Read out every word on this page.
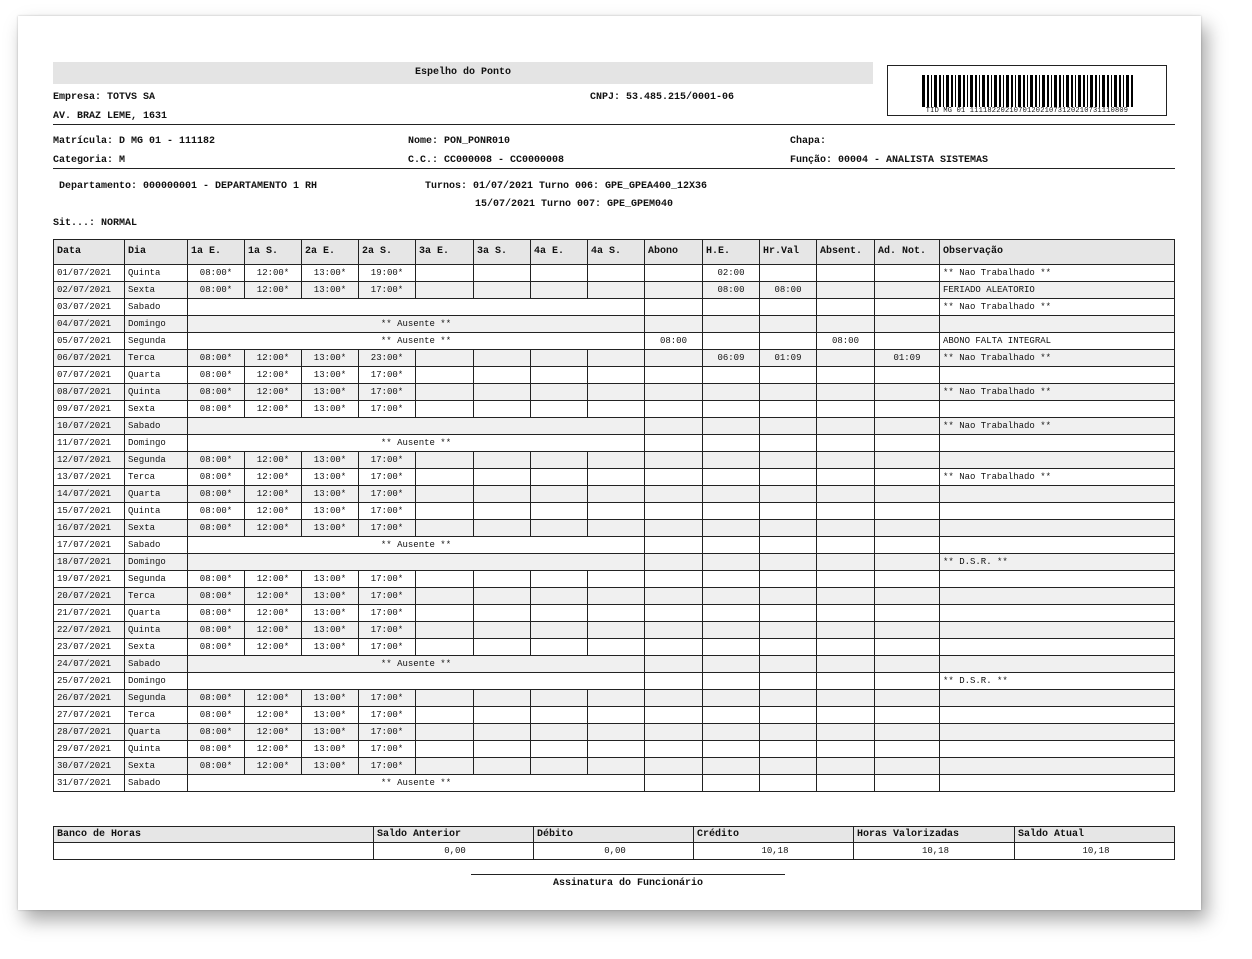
Espelho do Ponto
TID MG 01 11118220210701202107312021073111080​9
Empresa: TOTVS SA	CNPJ: 53.485.215/0001-06
AV. BRAZ LEME, 1631
Matrícula: D MG 01 - 111182	Nome: PON_PONR010	Chapa:
Categoria: M	C.C.: CC000008 - CC0000008	Função: 00004 - ANALISTA SISTEMAS
Departamento: 000000001 - DEPARTAMENTO 1 RH	Turnos: 01/07/2021 Turno 006: GPE_GPEA400_12X36
15/07/2021 Turno 007: GPE_GPEM040
Sit...: NORMAL
Data	Dia	1a E.	1a S.	2a E.	2a S.	3a E.	3a S.	4a E.	4a S.	Abono	H.E.	Hr.Val	Absent.	Ad. Not.	Observação
01/07/2021	Quinta	08:00*	12:00*	13:00*	19:00*						02:00				** Nao Trabalhado **
02/07/2021	Sexta	08:00*	12:00*	13:00*	17:00*						08:00	08:00			FERIADO ALEATORIO
03/07/2021	Sabado														** Nao Trabalhado **
04/07/2021	Domingo	** Ausente **													
05/07/2021	Segunda	** Ausente **								08:00			08:00		ABONO FALTA INTEGRAL
06/07/2021	Terca	08:00*	12:00*	13:00*	23:00*						06:09	01:09		01:09	** Nao Trabalhado **
07/07/2021	Quarta	08:00*	12:00*	13:00*	17:00*										
08/07/2021	Quinta	08:00*	12:00*	13:00*	17:00*										** Nao Trabalhado **
09/07/2021	Sexta	08:00*	12:00*	13:00*	17:00*										
10/07/2021	Sabado														** Nao Trabalhado **
11/07/2021	Domingo	** Ausente **													
12/07/2021	Segunda	08:00*	12:00*	13:00*	17:00*										
13/07/2021	Terca	08:00*	12:00*	13:00*	17:00*										** Nao Trabalhado **
14/07/2021	Quarta	08:00*	12:00*	13:00*	17:00*										
15/07/2021	Quinta	08:00*	12:00*	13:00*	17:00*										
16/07/2021	Sexta	08:00*	12:00*	13:00*	17:00*										
17/07/2021	Sabado	** Ausente **													
18/07/2021	Domingo														** D.S.R. **
19/07/2021	Segunda	08:00*	12:00*	13:00*	17:00*										
20/07/2021	Terca	08:00*	12:00*	13:00*	17:00*										
21/07/2021	Quarta	08:00*	12:00*	13:00*	17:00*										
22/07/2021	Quinta	08:00*	12:00*	13:00*	17:00*										
23/07/2021	Sexta	08:00*	12:00*	13:00*	17:00*										
24/07/2021	Sabado	** Ausente **													
25/07/2021	Domingo														** D.S.R. **
26/07/2021	Segunda	08:00*	12:00*	13:00*	17:00*										
27/07/2021	Terca	08:00*	12:00*	13:00*	17:00*										
28/07/2021	Quarta	08:00*	12:00*	13:00*	17:00*										
29/07/2021	Quinta	08:00*	12:00*	13:00*	17:00*										
30/07/2021	Sexta	08:00*	12:00*	13:00*	17:00*										
31/07/2021	Sabado	** Ausente **													
Banco de Horas	Saldo Anterior	Débito	Crédito	Horas Valorizadas	Saldo Atual
	0,00	0,00	10,18	10,18	10,18
Assinatura do Funcionário
